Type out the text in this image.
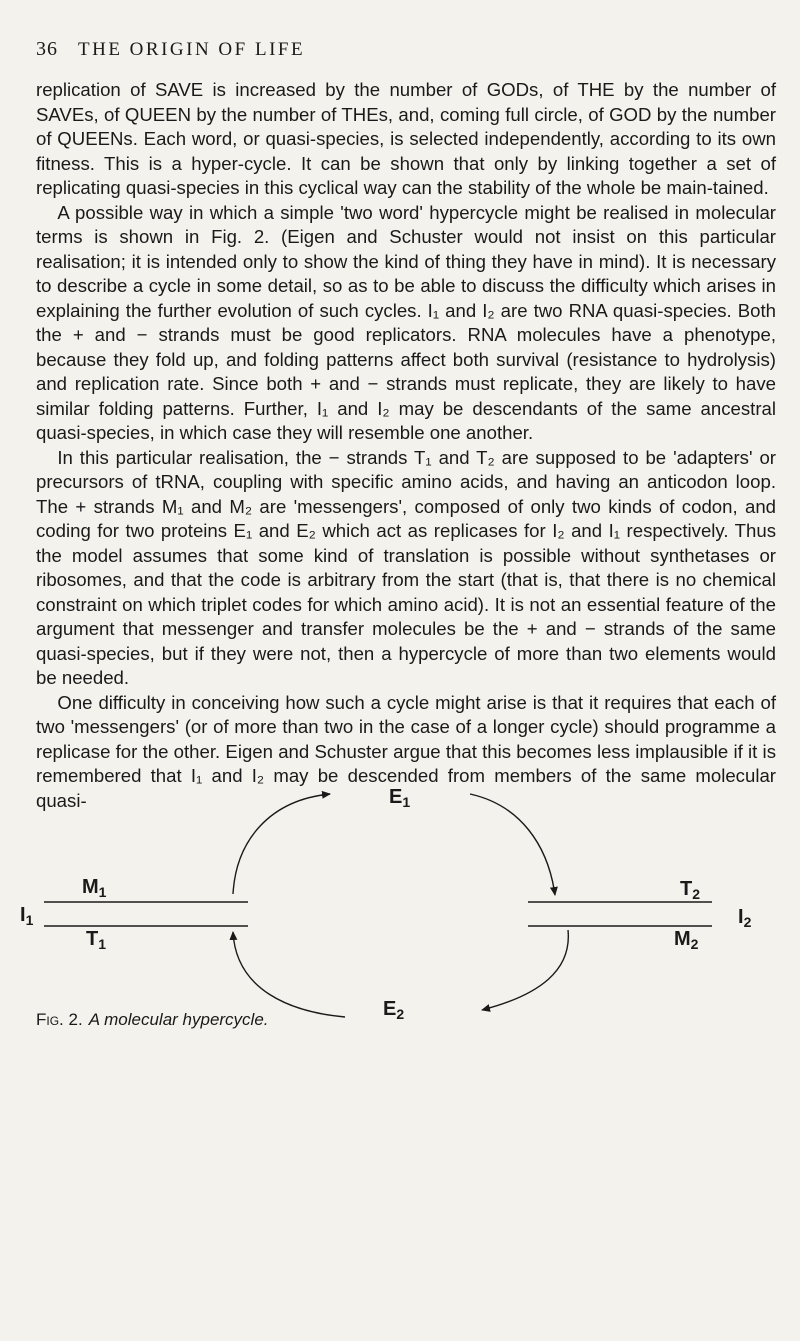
36 THE ORIGIN OF LIFE

replication of SAVE is increased by the number of GODs, of THE by the number of SAVEs, of QUEEN by the number of THEs, and, coming full circle, of GOD by the number of QUEENs. Each word, or quasi-species, is selected independently, according to its own fitness. This is a hyper-cycle. It can be shown that only by linking together a set of replicating quasi-species in this cyclical way can the stability of the whole be main-tained.

A possible way in which a simple 'two word' hypercycle might be realised in molecular terms is shown in Fig. 2. (Eigen and Schuster would not insist on this particular realisation; it is intended only to show the kind of thing they have in mind). It is necessary to describe a cycle in some detail, so as to be able to discuss the difficulty which arises in explaining the further evolution of such cycles. I₁ and I₂ are two RNA quasi-species. Both the + and − strands must be good replicators. RNA molecules have a phenotype, because they fold up, and folding patterns affect both survival (resistance to hydrolysis) and replication rate. Since both + and − strands must replicate, they are likely to have similar folding patterns. Further, I₁ and I₂ may be descendants of the same ancestral quasi-species, in which case they will resemble one another.

In this particular realisation, the − strands T₁ and T₂ are supposed to be 'adapters' or precursors of tRNA, coupling with specific amino acids, and having an anticodon loop. The + strands M₁ and M₂ are 'messengers', composed of only two kinds of codon, and coding for two proteins E₁ and E₂ which act as replicases for I₂ and I₁ respectively. Thus the model assumes that some kind of translation is possible without synthetases or ribosomes, and that the code is arbitrary from the start (that is, that there is no chemical constraint on which triplet codes for which amino acid). It is not an essential feature of the argument that messenger and transfer molecules be the + and − strands of the same quasi-species, but if they were not, then a hypercycle of more than two elements would be needed.

One difficulty in conceiving how such a cycle might arise is that it requires that each of two 'messengers' (or of more than two in the case of a longer cycle) should programme a replicase for the other. Eigen and Schuster argue that this becomes less implausible if it is remembered that I₁ and I₂ may be descended from members of the same molecular quasi-	$E_1$
$E_2$
$M_1$
$T_1$
$I_1$
$T_2$
$M_2$
$I_2$
Fig. 2. A molecular hypercycle.
